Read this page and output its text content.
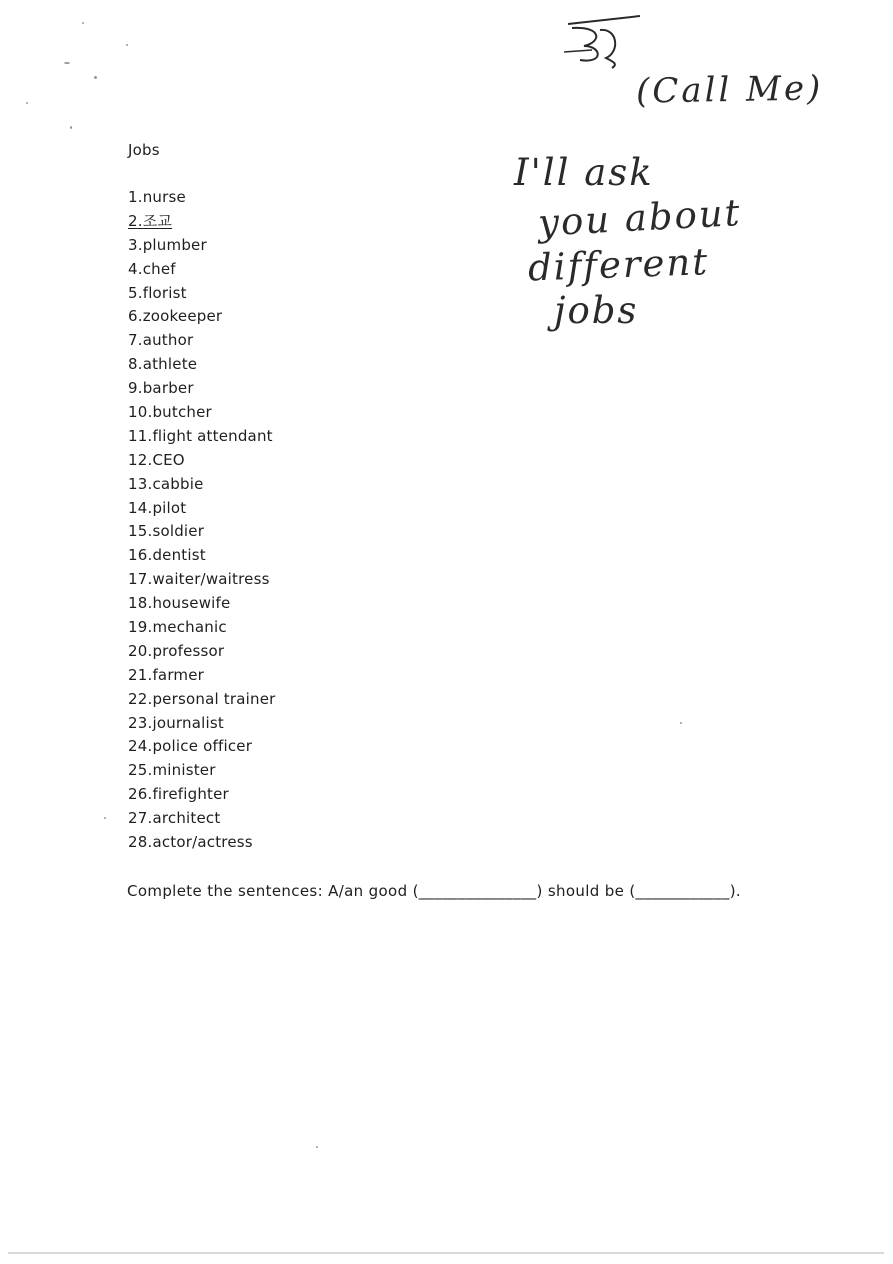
(Call Me)
I'll ask
you about
different
jobs
Jobs
1.nurse
2.조교
3.plumber
4.chef
5.florist
6.zookeeper
7.author
8.athlete
9.barber
10.butcher
11.flight attendant
12.CEO
13.cabbie
14.pilot
15.soldier
16.dentist
17.waiter/waitress
18.housewife
19.mechanic
20.professor
21.farmer
22.personal trainer
23.journalist
24.police officer
25.minister
26.firefighter
27.architect
28.actor/actress
Complete the sentences: A/an good (_______________) should be (____________).
